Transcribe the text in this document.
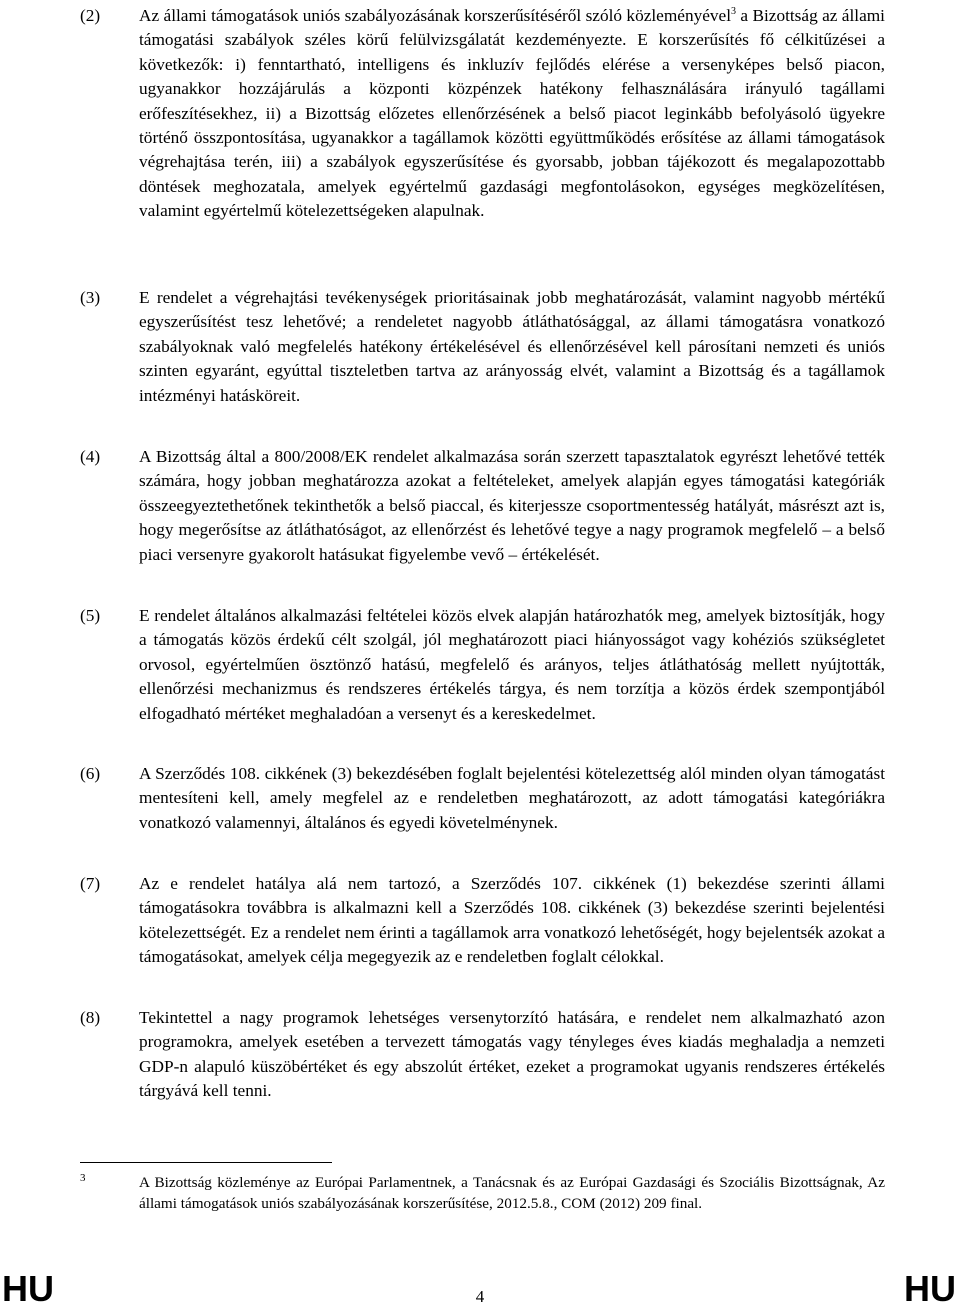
(2) Az állami támogatások uniós szabályozásának korszerűsítéséről szóló közleményével$^3$ a Bizottság az állami támogatási szabályok széles körű felülvizsgálatát kezdeményezte. E korszerűsítés fő célkitűzései a következők: i) fenntartható, intelligens és inkluzív fejlődés elérése a versenyképes belső piacon, ugyanakkor hozzájárulás a központi közpénzek hatékony felhasználására irányuló tagállami erőfeszítésekhez, ii) a Bizottság előzetes ellenőrzésének a belső piacot leginkább befolyásoló ügyekre történő összpontosítása, ugyanakkor a tagállamok közötti együttműködés erősítése az állami támogatások végrehajtása terén, iii) a szabályok egyszerűsítése és gyorsabb, jobban tájékozott és megalapozottabb döntések meghozatala, amelyek egyértelmű gazdasági megfontolásokon, egységes megközelítésen, valamint egyértelmű kötelezettségeken alapulnak.
(3) E rendelet a végrehajtási tevékenységek prioritásainak jobb meghatározását, valamint nagyobb mértékű egyszerűsítést tesz lehetővé; a rendeletet nagyobb átláthatósággal, az állami támogatásra vonatkozó szabályoknak való megfelelés hatékony értékelésével és ellenőrzésével kell párosítani nemzeti és uniós szinten egyaránt, egyúttal tiszteletben tartva az arányosság elvét, valamint a Bizottság és a tagállamok intézményi hatásköreit.
(4) A Bizottság által a 800/2008/EK rendelet alkalmazása során szerzett tapasztalatok egyrészt lehetővé tették számára, hogy jobban meghatározza azokat a feltételeket, amelyek alapján egyes támogatási kategóriák összeegyeztethetőnek tekinthetők a belső piaccal, és kiterjessze csoportmentesség hatályát, másrészt azt is, hogy megerősítse az átláthatóságot, az ellenőrzést és lehetővé tegye a nagy programok megfelelő – a belső piaci versenyre gyakorolt hatásukat figyelembe vevő – értékelését.
(5) E rendelet általános alkalmazási feltételei közös elvek alapján határozhatók meg, amelyek biztosítják, hogy a támogatás közös érdekű célt szolgál, jól meghatározott piaci hiányosságot vagy kohéziós szükségletet orvosol, egyértelműen ösztönző hatású, megfelelő és arányos, teljes átláthatóság mellett nyújtották, ellenőrzési mechanizmus és rendszeres értékelés tárgya, és nem torzítja a közös érdek szempontjából elfogadható mértéket meghaladóan a versenyt és a kereskedelmet.
(6) A Szerződés 108. cikkének (3) bekezdésében foglalt bejelentési kötelezettség alól minden olyan támogatást mentesíteni kell, amely megfelel az e rendeletben meghatározott, az adott támogatási kategóriákra vonatkozó valamennyi, általános és egyedi követelménynek.
(7) Az e rendelet hatálya alá nem tartozó, a Szerződés 107. cikkének (1) bekezdése szerinti állami támogatásokra továbbra is alkalmazni kell a Szerződés 108. cikkének (3) bekezdése szerinti bejelentési kötelezettségét. Ez a rendelet nem érinti a tagállamok arra vonatkozó lehetőségét, hogy bejelentsék azokat a támogatásokat, amelyek célja megegyezik az e rendeletben foglalt célokkal.
(8) Tekintettel a nagy programok lehetséges versenytorzító hatására, e rendelet nem alkalmazható azon programokra, amelyek esetében a tervezett támogatás vagy tényleges éves kiadás meghaladja a nemzeti GDP-n alapuló küszöbértéket és egy abszolút értéket, ezeket a programokat ugyanis rendszeres értékelés tárgyává kell tenni.
3	A Bizottság közleménye az Európai Parlamentnek, a Tanácsnak és az Európai Gazdasági és Szociális Bizottságnak, Az állami támogatások uniós szabályozásának korszerűsítése, 2012.5.8., COM (2012) 209 final.
HU	4	HU
